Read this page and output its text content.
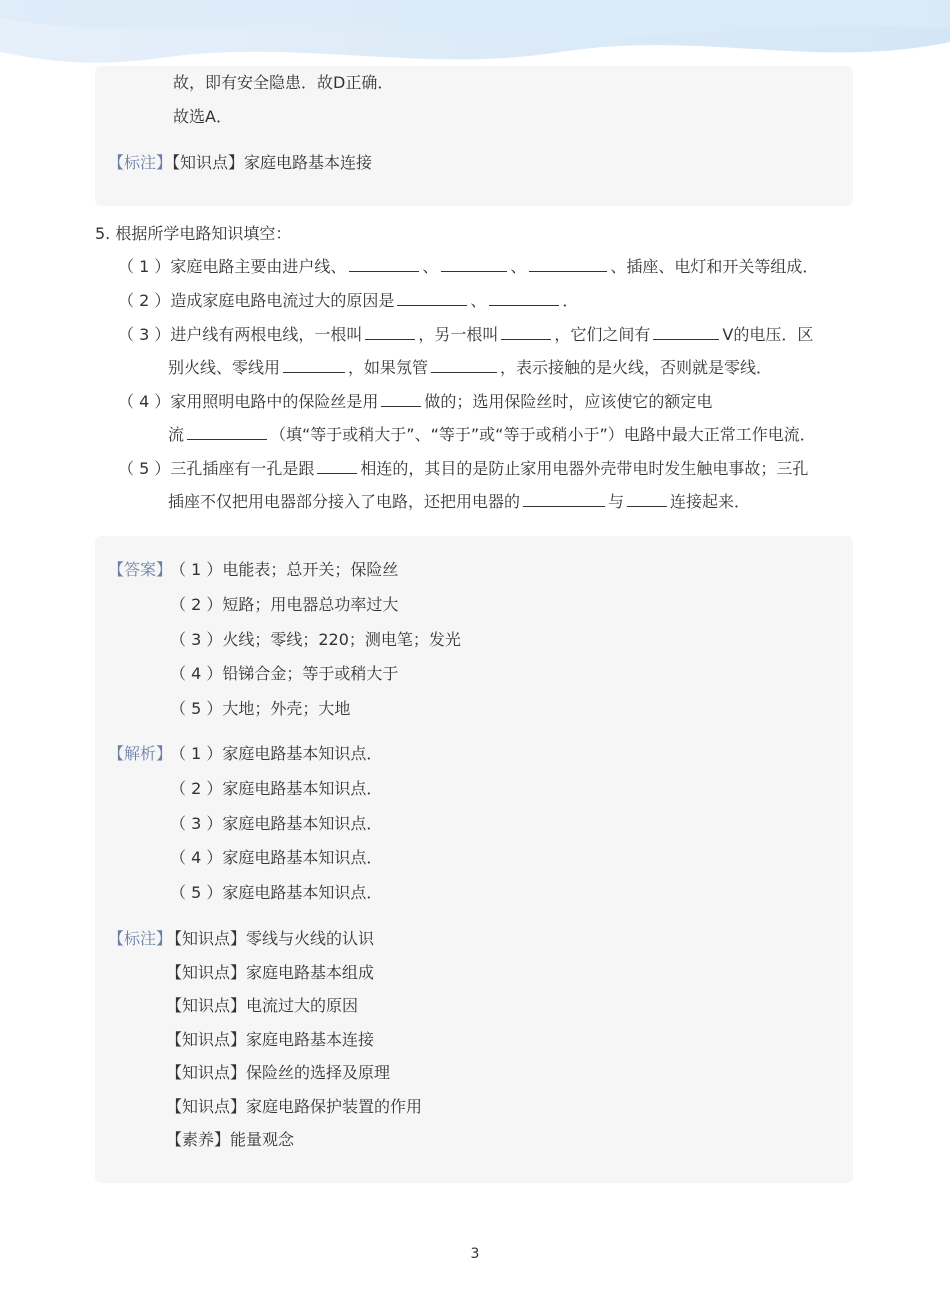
故，即有安全隐患．故D正确．
故选A．
【标注】【知识点】家庭电路基本连接
5. 根据所学电路知识填空：
（ 1 ）家庭电路主要由进户线、	、	、	、插座、电灯和开关等组成．
（ 2 ）造成家庭电路电流过大的原因是	、	．
（ 3 ）进户线有两根电线，一根叫	，另一根叫	，它们之间有	V的电压．区
别火线、零线用	，如果氖管	，表示接触的是火线，否则就是零线．
（ 4 ）家用照明电路中的保险丝是用	做的；选用保险丝时，应该使它的额定电
流	（填“等于或稍大于”、“等于”或“等于或稍小于”）电路中最大正常工作电流．
（ 5 ）三孔插座有一孔是跟	相连的，其目的是防止家用电器外壳带电时发生触电事故；三孔
插座不仅把用电器部分接入了电路，还把用电器的	与	连接起来．
【答案】
（ 1 ）电能表；总开关；保险丝
（ 2 ）短路；用电器总功率过大
（ 3 ）火线；零线；220；测电笔；发光
（ 4 ）铅锑合金；等于或稍大于
（ 5 ）大地；外壳；大地
【解析】
（ 1 ）家庭电路基本知识点．
（ 2 ）家庭电路基本知识点．
（ 3 ）家庭电路基本知识点．
（ 4 ）家庭电路基本知识点．
（ 5 ）家庭电路基本知识点．
【标注】
【知识点】零线与火线的认识
【知识点】家庭电路基本组成
【知识点】电流过大的原因
【知识点】家庭电路基本连接
【知识点】保险丝的选择及原理
【知识点】家庭电路保护装置的作用
【素养】能量观念
3
